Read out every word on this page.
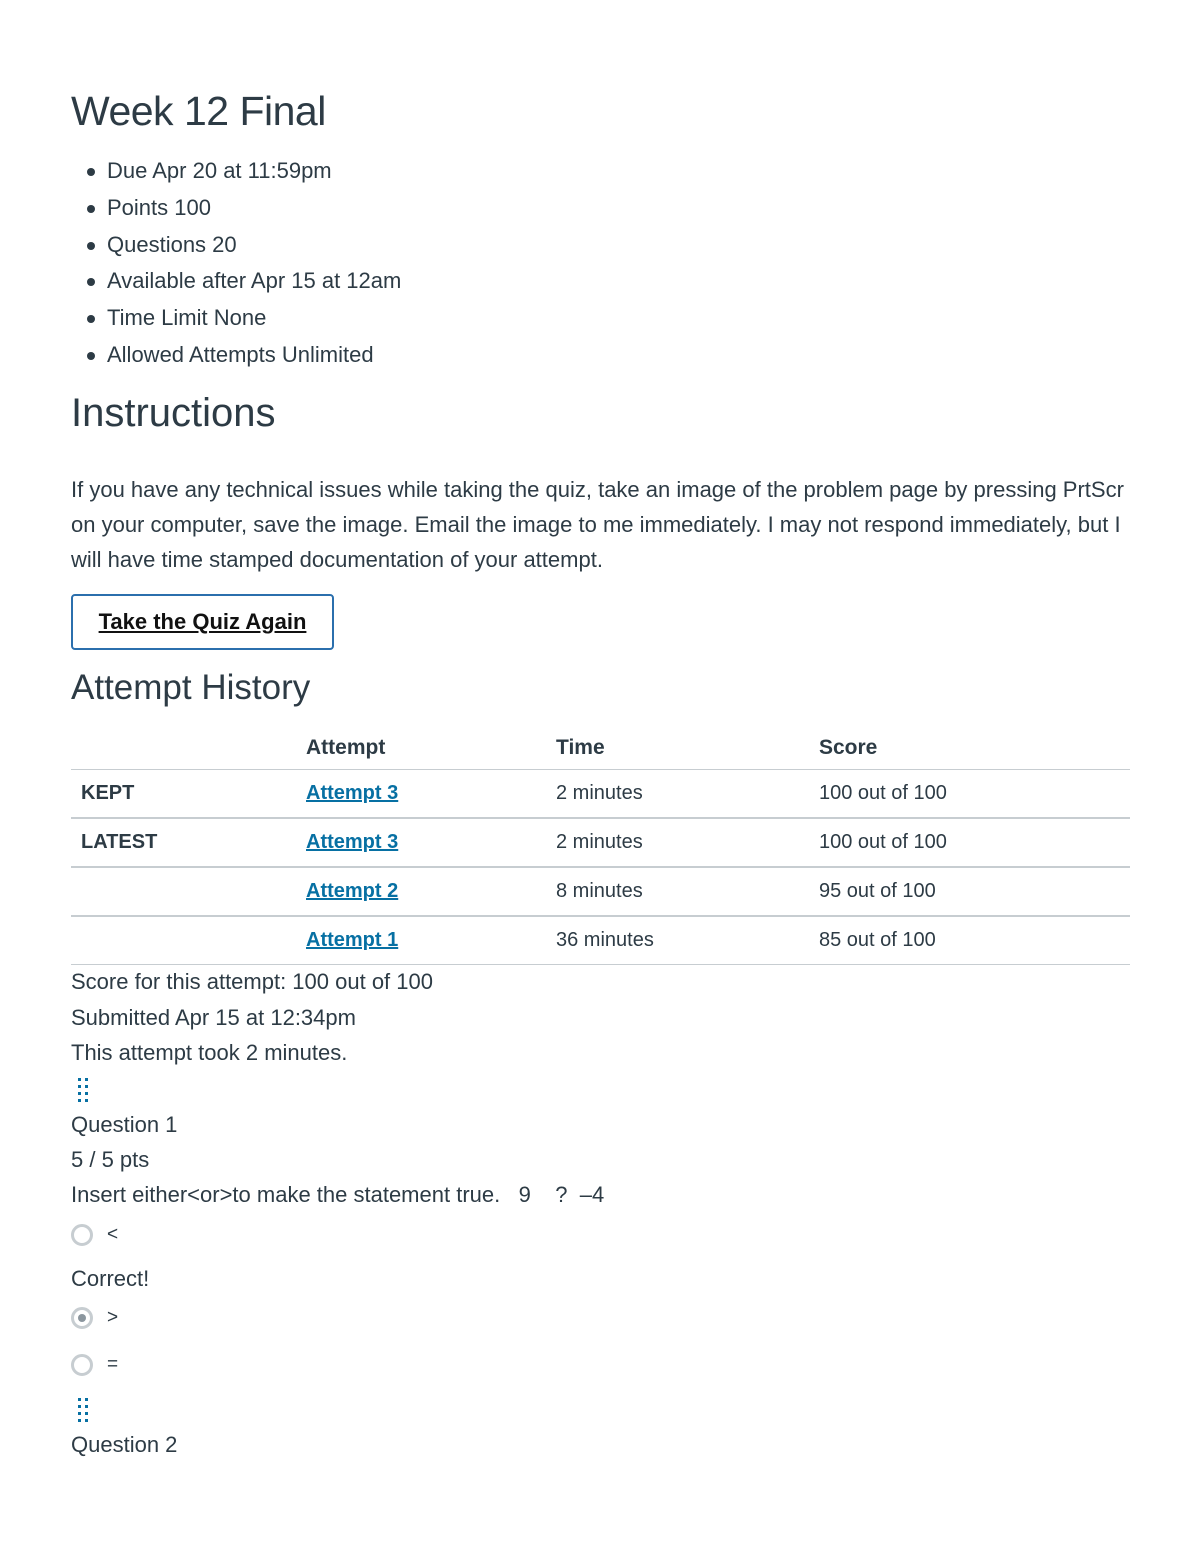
Week 12 Final
Due Apr 20 at 11:59pm
Points 100
Questions 20
Available after Apr 15 at 12am
Time Limit None
Allowed Attempts Unlimited
Instructions

If you have any technical issues while taking the quiz, take an image of the problem page by pressing PrtScr on your computer, save the image. Email the image to me immediately. I may not respond immediately, but I will have time stamped documentation of your attempt.

Take the Quiz Again
Attempt History
	Attempt	Time	Score
KEPT	Attempt 3	2 minutes	100 out of 100
LATEST	Attempt 3	2 minutes	100 out of 100
	Attempt 2	8 minutes	95 out of 100
	Attempt 1	36 minutes	85 out of 100
Score for this attempt: 100 out of 100
Submitted Apr 15 at 12:34pm
This attempt took 2 minutes.
Question 1
5 / 5 pts
Insert either<or>to make the statement true.   9    ?  –4
<
Correct!
>
=
Question 2
